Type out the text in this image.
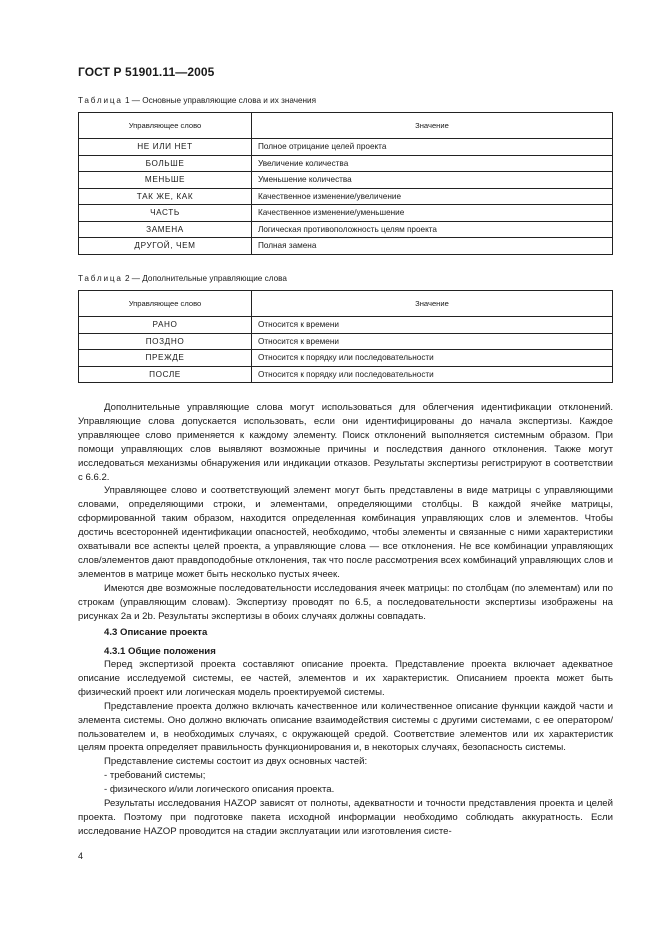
ГОСТ Р 51901.11—2005
Таблица 1 — Основные управляющие слова и их значения
Управляющее слово	Значение
НЕ ИЛИ НЕТ	Полное отрицание целей проекта
БОЛЬШЕ	Увеличение количества
МЕНЬШЕ	Уменьшение количества
ТАК ЖЕ, КАК	Качественное изменение/увеличение
ЧАСТЬ	Качественное изменение/уменьшение
ЗАМЕНА	Логическая противоположность целям проекта
ДРУГОЙ, ЧЕМ	Полная замена
Таблица 2 — Дополнительные управляющие слова
Управляющее слово	Значение
РАНО	Относится к времени
ПОЗДНО	Относится к времени
ПРЕЖДЕ	Относится к порядку или последовательности
ПОСЛЕ	Относится к порядку или последовательности

Дополнительные управляющие слова могут использоваться для облегчения идентификации отклонений. Управляющие слова допускается использовать, если они идентифицированы до начала экспертизы. Каждое управляющее слово применяется к каждому элементу. Поиск отклонений выполняется системным образом. При помощи управляющих слов выявляют возможные причины и последствия данного отклонения. Также могут исследоваться механизмы обнаружения или индикации отказов. Результаты экспертизы регистрируют в соответствии с 6.6.2.

Управляющее слово и соответствующий элемент могут быть представлены в виде матрицы с управляющими словами, определяющими строки, и элементами, определяющими столбцы. В каждой ячейке матрицы, сформированной таким образом, находится определенная комбинация управляющих слов и элементов. Чтобы достичь всесторонней идентификации опасностей, необходимо, чтобы элементы и связанные с ними характеристики охватывали все аспекты целей проекта, а управляющие слова — все отклонения. Не все комбинации управляющих слов/элементов дают правдоподобные отклонения, так что после рассмотрения всех комбинаций управляющих слов и элементов в матрице может быть несколько пустых ячеек.

Имеются две возможные последовательности исследования ячеек матрицы: по столбцам (по элементам) или по строкам (управляющим словам). Экспертизу проводят по 6.5, а последовательности экспертизы изображены на рисунках 2а и 2b. Результаты экспертизы в обоих случаях должны совпадать.

4.3 Описание проекта
4.3.1 Общие положения

Перед экспертизой проекта составляют описание проекта. Представление проекта включает адекватное описание исследуемой системы, ее частей, элементов и их характеристик. Описанием проекта может быть физический проект или логическая модель проектируемой системы.

Представление проекта должно включать качественное или количественное описание функции каждой части и элемента системы. Оно должно включать описание взаимодействия системы с другими системами, с ее оператором/пользователем и, в необходимых случаях, с окружающей средой. Соответствие элементов или их характеристик целям проекта определяет правильность функционирования и, в некоторых случаях, безопасность системы.

Представление системы состоит из двух основных частей:

- требований системы;

- физического и/или логического описания проекта.

Результаты исследования HAZOP зависят от полноты, адекватности и точности представления проекта и целей проекта. Поэтому при подготовке пакета исходной информации необходимо соблюдать аккуратность. Если исследование HAZOP проводится на стадии эксплуатации или изготовления систе-

4
